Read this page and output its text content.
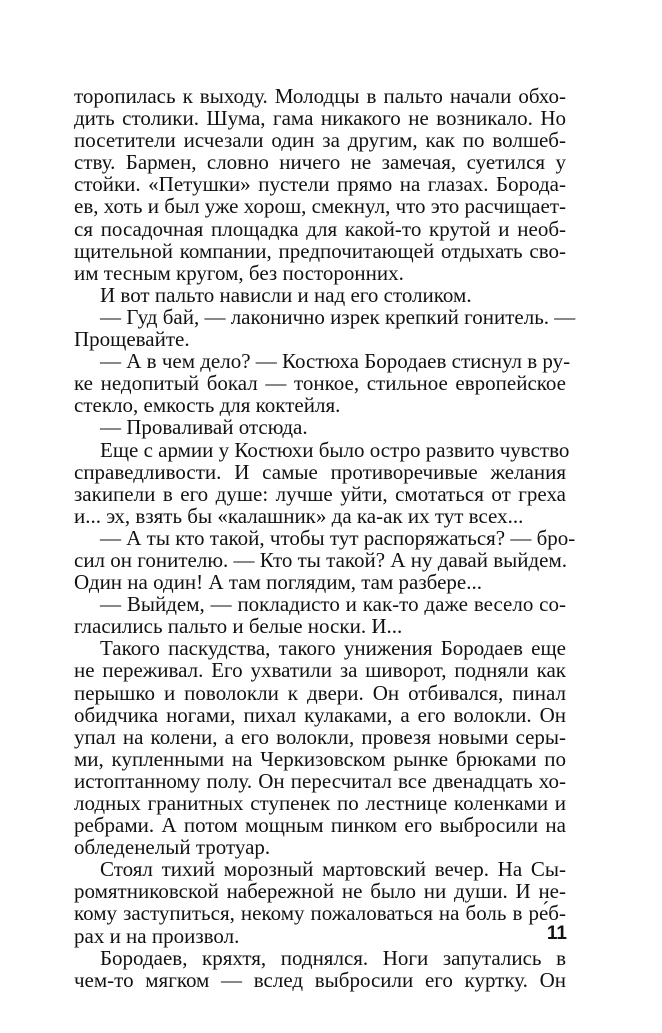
торопилась к выходу. Молодцы в пальто начали обхо-
дить столики. Шума, гама никакого не возникало. Но
посетители исчезали один за другим, как по волшеб-
ству. Бармен, словно ничего не замечая, суетился у
стойки. «Петушки» пустели прямо на глазах. Борода-
ев, хоть и был уже хорош, смекнул, что это расчищает-
ся посадочная площадка для какой-то крутой и необ-
щительной компании, предпочитающей отдыхать сво-
им тесным кругом, без посторонних.
И вот пальто нависли и над его столиком.
— Гуд бай, — лаконично изрек крепкий гонитель. —
Прощевайте.
— А в чем дело? — Костюха Бородаев стиснул в ру-
ке недопитый бокал — тонкое, стильное европейское
стекло, емкость для коктейля.
— Проваливай отсюда.
Еще с армии у Костюхи было остро развито чувство
справедливости. И самые противоречивые желания
закипели в его душе: лучше уйти, смотаться от греха
и... эх, взять бы «калашник» да ка-ак их тут всех...
— А ты кто такой, чтобы тут распоряжаться? — бро-
сил он гонителю. — Кто ты такой? А ну давай выйдем.
Один на один! А там поглядим, там разбере...
— Выйдем, — покладисто и как-то даже весело со-
гласились пальто и белые носки. И...
Такого паскудства, такого унижения Бородаев еще
не переживал. Его ухватили за шиворот, подняли как
перышко и поволокли к двери. Он отбивался, пинал
обидчика ногами, пихал кулаками, а его волокли. Он
упал на колени, а его волокли, провезя новыми серы-
ми, купленными на Черкизовском рынке брюками по
истоптанному полу. Он пересчитал все двенадцать хо-
лодных гранитных ступенек по лестнице коленками и
ребрами. А потом мощным пинком его выбросили на
обледенелый тротуар.
Стоял тихий морозный мартовский вечер. На Сы-
ромятниковской набережной не было ни души. И не-
кому заступиться, некому пожаловаться на боль в ре́б-
рах и на произвол.
Бородаев, кряхтя, поднялся. Ноги запутались в
чем-то мягком — вслед выбросили его куртку. Он
11
